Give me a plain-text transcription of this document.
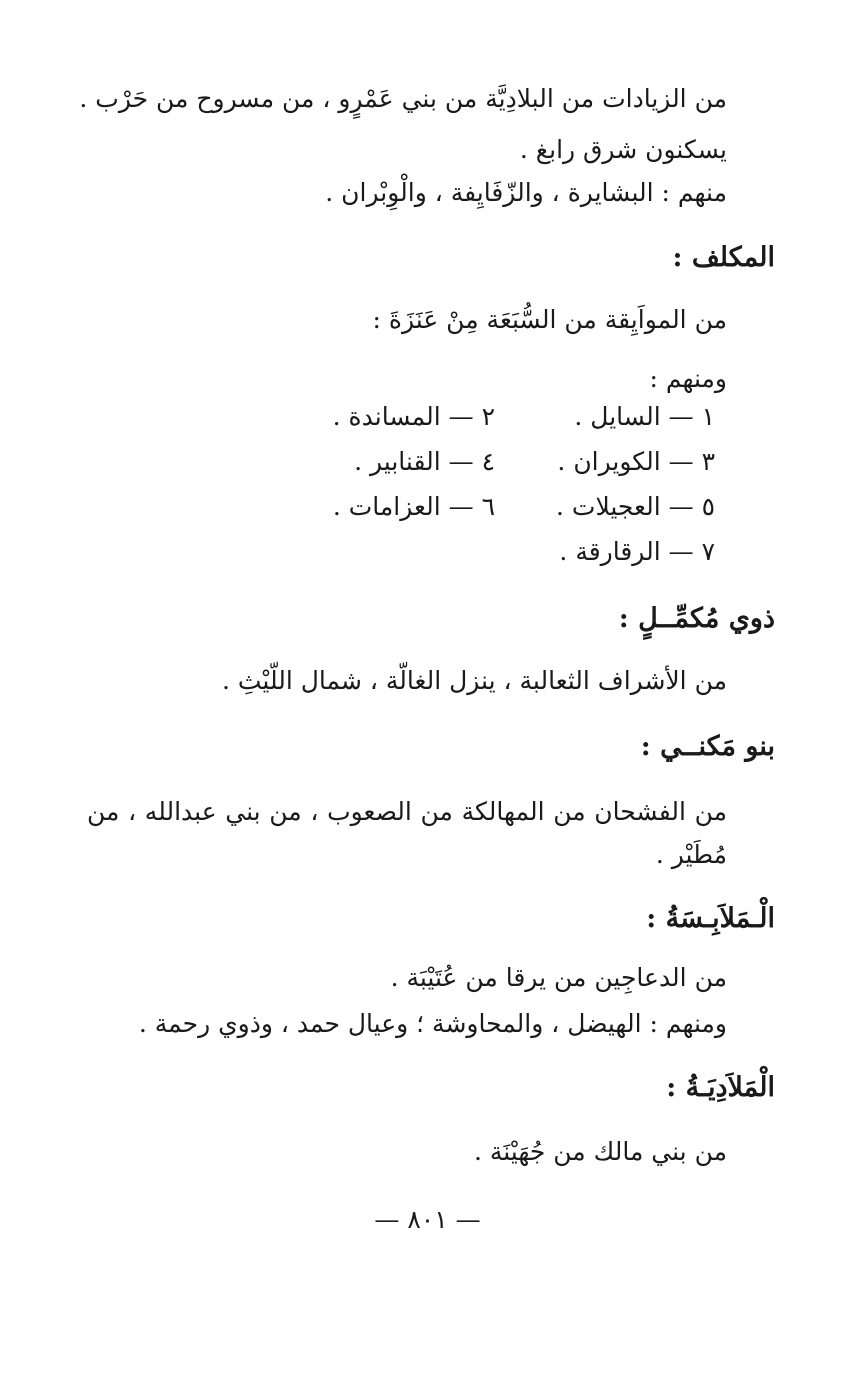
من الزيادات من البلادِيَّة من بني عَمْرٍو ، من مسروح من حَرْب .
يسكنون شرق رابغ .
منهم : البشايرة ، والزّفَايِفة ، والْوِبْران .
المكلف :
من المواَيِقة من السُّبَعَة مِنْ عَنَزَةَ :
ومنهم :
١ — السايل .
٢ — المساندة .
٣ — الكويران .
٤ — القنابير .
٥ — العجيلات .
٦ — العزامات .
٧ — الرقارقة .
ذوي مُكمِّــلٍ :
من الأشراف الثعالبة ، ينزل الغالّة ، شمال اللّيْثِ .
بنو مَكنــي :
من الفشحان من المهالكة من الصعوب ، من بني عبدالله ، من
مُطَيْر .
الْـمَلاَبِـسَةُ :
من الدعاجِين من يرقا من عُتَيْبَة .
ومنهم : الهيضل ، والمحاوشة ؛ وعيال حمد ، وذوي رحمة .
الْمَلاَدِيَـةُ :
من بني مالك من جُهَيْنَة .
— ٨٠١ —
